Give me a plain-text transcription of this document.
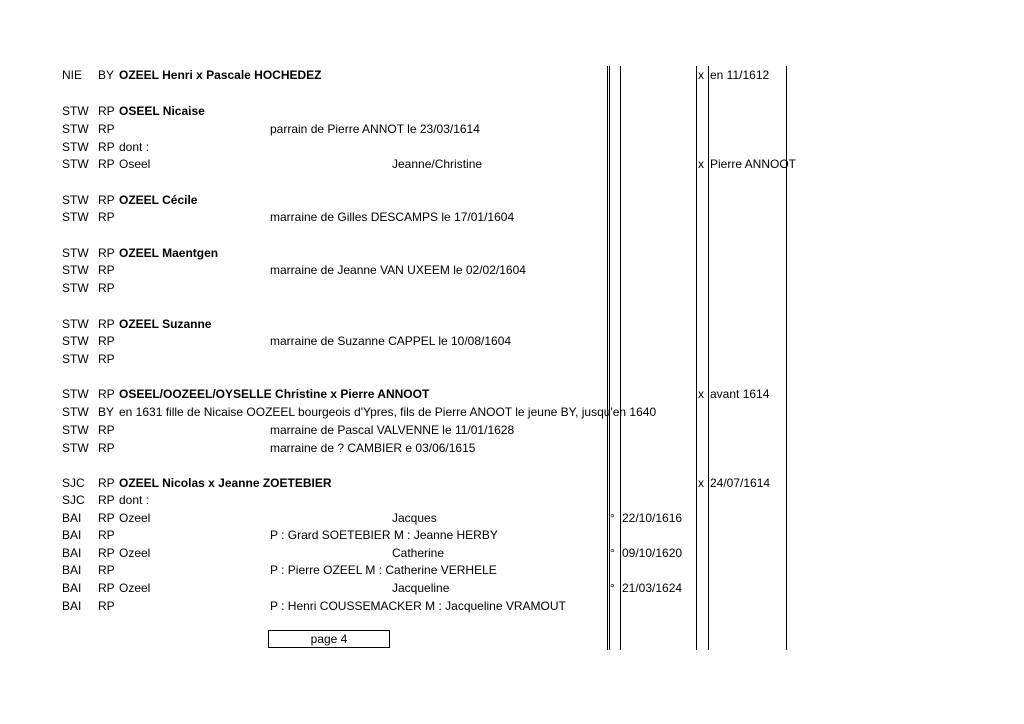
NIE BY OZEEL Henri x Pascale HOCHEDEZ	x en 11/1612
STW RP OSEEL Nicaise
STW RP	parrain de Pierre ANNOT le 23/03/1614
STW RP dont :
STW RP Oseel	Jeanne/Christine	x Pierre ANNOOT
STW RP OZEEL Cécile
STW RP	marraine de Gilles DESCAMPS le 17/01/1604
STW RP OZEEL Maentgen
STW RP	marraine de Jeanne VAN UXEEM le 02/02/1604
STW RP
STW RP OZEEL Suzanne
STW RP	marraine de Suzanne CAPPEL le 10/08/1604
STW RP
STW RP OSEEL/OOZEEL/OYSELLE Christine x Pierre ANNOOT	x avant 1614
STW BY en 1631 fille de Nicaise OOZEEL bourgeois d'Ypres, fils de Pierre ANOOT le jeune BY, jusqu'en 1640
STW RP	marraine de Pascal VALVENNE le 11/01/1628
STW RP	marraine de ? CAMBIER e 03/06/1615
SJC RP OZEEL Nicolas x Jeanne ZOETEBIER	x 24/07/1614
SJC RP dont :
BAI RP Ozeel	Jacques	° 22/10/1616
BAI RP	P : Grard SOETEBIER M : Jeanne HERBY
BAI RP Ozeel	Catherine	° 09/10/1620
BAI RP	P : Pierre OZEEL M : Catherine VERHELE
BAI RP Ozeel	Jacqueline	° 21/03/1624
BAI RP	P : Henri COUSSEMACKER M : Jacqueline VRAMOUT
page 4
